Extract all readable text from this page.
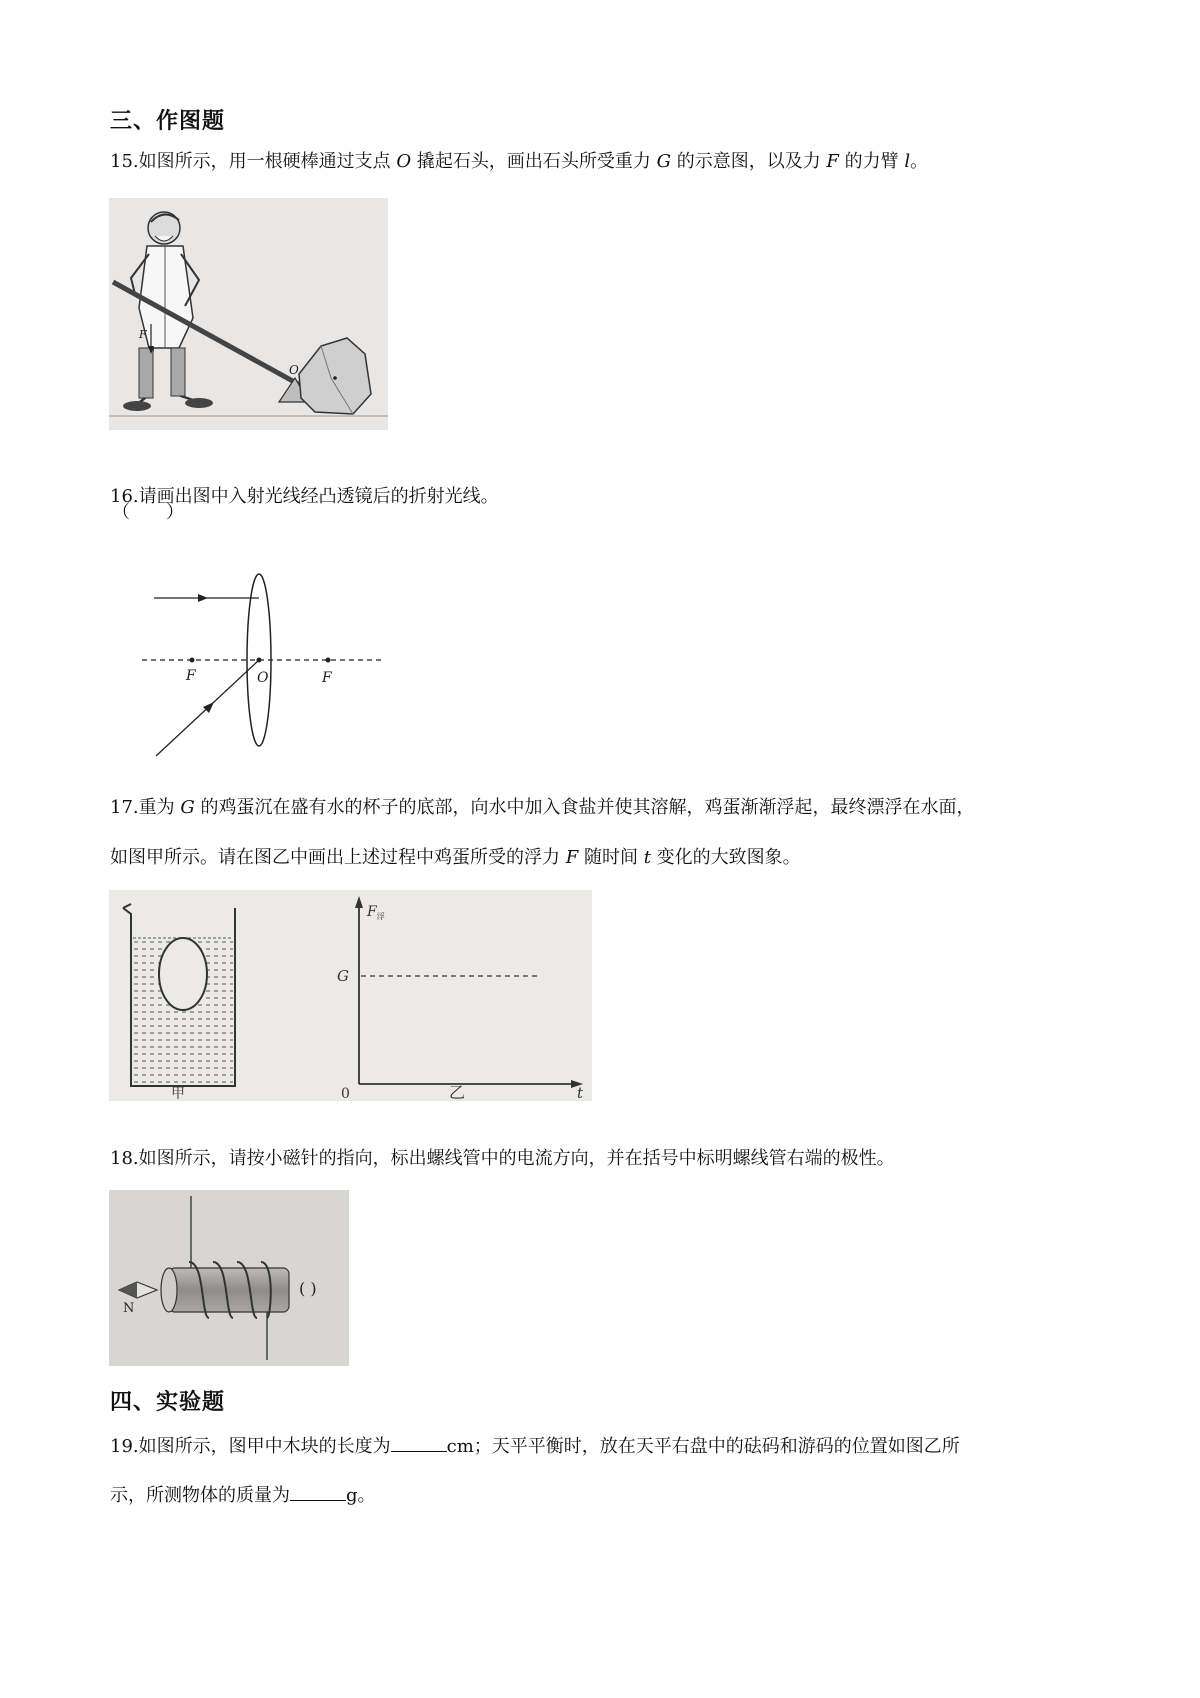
三、作图题
15.如图所示，用一根硬棒通过支点 O 撬起石头，画出石头所受重力 G 的示意图，以及力 F 的力臂 l。
F
O
16.请画出图中入射光线经凸透镜后的折射光线。
（　　）
F	O	F
17.重为 G 的鸡蛋沉在盛有水的杯子的底部，向水中加入食盐并使其溶解，鸡蛋渐渐浮起，最终漂浮在水面，
如图甲所示。请在图乙中画出上述过程中鸡蛋所受的浮力 F 随时间 t 变化的大致图象。
甲
$F_浮$
G
0	乙	t
18.如图所示，请按小磁针的指向，标出螺线管中的电流方向，并在括号中标明螺线管右端的极性。
N
( )
四、实验题
19.如图所示，图甲中木块的长度为	cm；天平平衡时，放在天平右盘中的砝码和游码的位置如图乙所
示，所测物体的质量为	g。
